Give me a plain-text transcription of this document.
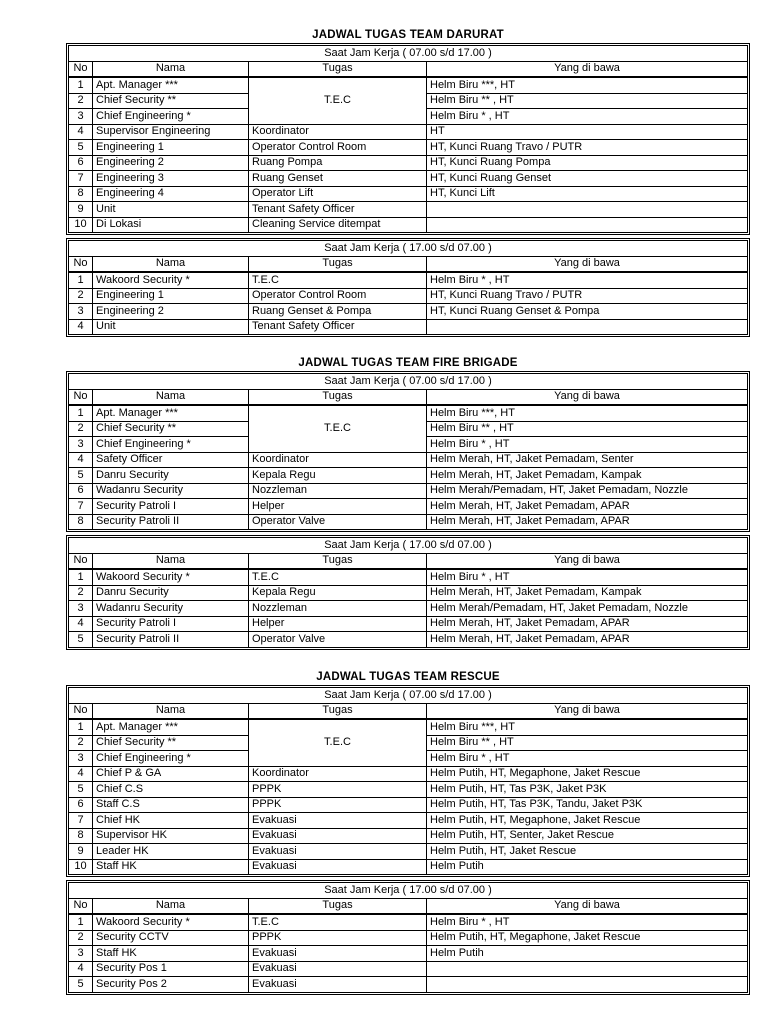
JADWAL TUGAS TEAM DARURAT
Saat Jam Kerja ( 07.00 s/d 17.00 )			
No	Nama	Tugas	Yang di bawa
1	Apt. Manager ***	T.E.C	Helm Biru ***, HT
2	Chief Security **		Helm Biru ** , HT
3	Chief Engineering *		Helm Biru * , HT
4	Supervisor Engineering	Koordinator	HT
5	Engineering 1	Operator Control Room	HT, Kunci Ruang Travo / PUTR
6	Engineering 2	Ruang Pompa	HT, Kunci Ruang Pompa
7	Engineering 3	Ruang Genset	HT, Kunci Ruang Genset
8	Engineering 4	Operator Lift	HT, Kunci Lift
9	Unit	Tenant Safety Officer	
10	Di Lokasi	Cleaning Service ditempat	
Saat Jam Kerja ( 17.00 s/d 07.00 )			
No	Nama	Tugas	Yang di bawa
1	Wakoord Security *	T.E.C	Helm Biru * , HT
2	Engineering 1	Operator Control Room	HT, Kunci Ruang Travo / PUTR
3	Engineering 2	Ruang Genset & Pompa	HT, Kunci Ruang Genset & Pompa
4	Unit	Tenant Safety Officer	
JADWAL TUGAS TEAM FIRE BRIGADE
Saat Jam Kerja ( 07.00 s/d 17.00 )			
No	Nama	Tugas	Yang di bawa
1	Apt. Manager ***	T.E.C	Helm Biru ***, HT
2	Chief Security **		Helm Biru ** , HT
3	Chief Engineering *		Helm Biru * , HT
4	Safety Officer	Koordinator	Helm Merah, HT, Jaket Pemadam, Senter
5	Danru Security	Kepala Regu	Helm Merah, HT, Jaket Pemadam, Kampak
6	Wadanru Security	Nozzleman	Helm Merah/Pemadam, HT, Jaket Pemadam, Nozzle
7	Security Patroli I	Helper	Helm Merah, HT, Jaket Pemadam, APAR
8	Security Patroli II	Operator Valve	Helm Merah, HT, Jaket Pemadam, APAR
Saat Jam Kerja ( 17.00 s/d 07.00 )			
No	Nama	Tugas	Yang di bawa
1	Wakoord Security *	T.E.C	Helm Biru * , HT
2	Danru Security	Kepala Regu	Helm Merah, HT, Jaket Pemadam, Kampak
3	Wadanru Security	Nozzleman	Helm Merah/Pemadam, HT, Jaket Pemadam, Nozzle
4	Security Patroli I	Helper	Helm Merah, HT, Jaket Pemadam, APAR
5	Security Patroli II	Operator Valve	Helm Merah, HT, Jaket Pemadam, APAR
JADWAL TUGAS TEAM RESCUE
Saat Jam Kerja ( 07.00 s/d 17.00 )			
No	Nama	Tugas	Yang di bawa
1	Apt. Manager ***	T.E.C	Helm Biru ***, HT
2	Chief Security **		Helm Biru ** , HT
3	Chief Engineering *		Helm Biru * , HT
4	Chief P & GA	Koordinator	Helm Putih, HT, Megaphone, Jaket Rescue
5	Chief C.S	PPPK	Helm Putih, HT, Tas P3K, Jaket P3K
6	Staff C.S	PPPK	Helm Putih, HT, Tas P3K, Tandu, Jaket P3K
7	Chief HK	Evakuasi	Helm Putih, HT, Megaphone, Jaket Rescue
8	Supervisor HK	Evakuasi	Helm Putih, HT, Senter, Jaket Rescue
9	Leader HK	Evakuasi	Helm Putih, HT, Jaket Rescue
10	Staff HK	Evakuasi	Helm Putih
Saat Jam Kerja ( 17.00 s/d 07.00 )			
No	Nama	Tugas	Yang di bawa
1	Wakoord Security *	T.E.C	Helm Biru * , HT
2	Security CCTV	PPPK	Helm Putih, HT, Megaphone, Jaket Rescue
3	Staff HK	Evakuasi	Helm Putih
4	Security Pos 1	Evakuasi	
5	Security Pos 2	Evakuasi	
